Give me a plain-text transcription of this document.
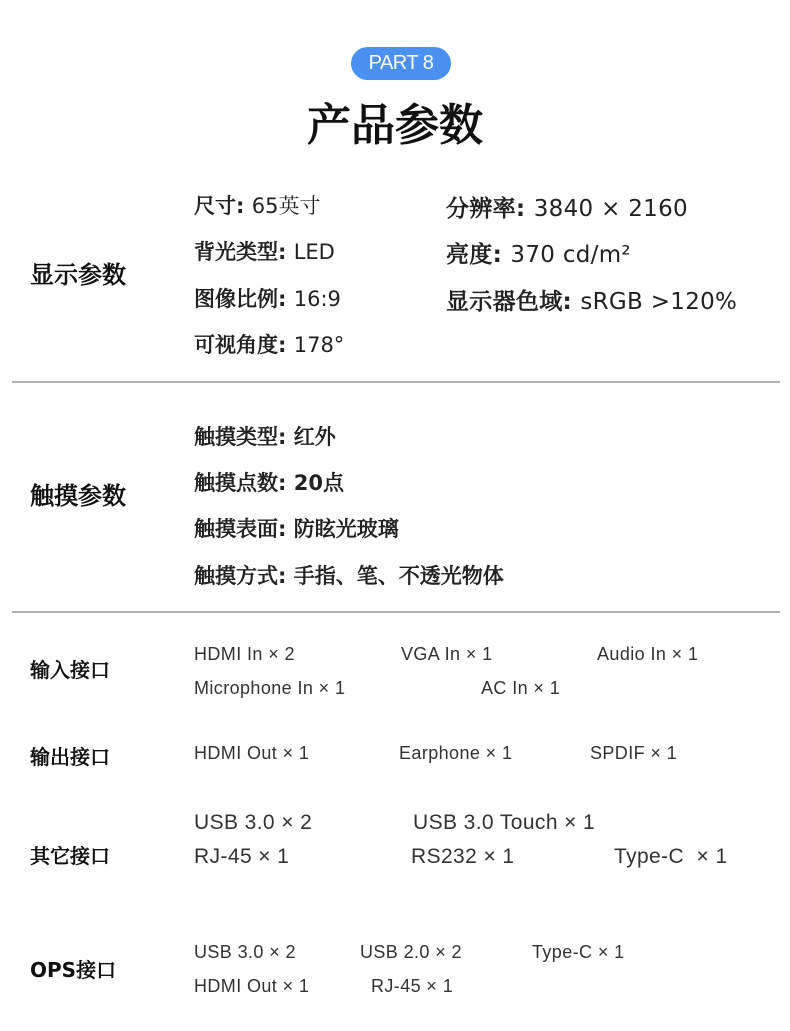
PART 8
产品参数
显示参数
尺寸: 65英寸	分辨率: 3840 × 2160
背光类型: LED	亮度: 370 cd/m²
图像比例: 16:9	显示器色域: sRGB >120%
可视角度: 178°
触摸参数
触摸类型: 红外
触摸点数: 20点
触摸表面: 防眩光玻璃
触摸方式: 手指、笔、不透光物体
输入接口
HDMI In × 2	VGA In × 1	Audio In × 1
Microphone In × 1	AC In × 1
输出接口	HDMI Out × 1	Earphone × 1	SPDIF × 1
其它接口
USB 3.0 × 2	USB 3.0 Touch × 1
RJ-45 × 1	RS232 × 1	Type-C  × 1
OPS接口
USB 3.0 × 2	USB 2.0 × 2	Type-C × 1
HDMI Out × 1	RJ-45 × 1
